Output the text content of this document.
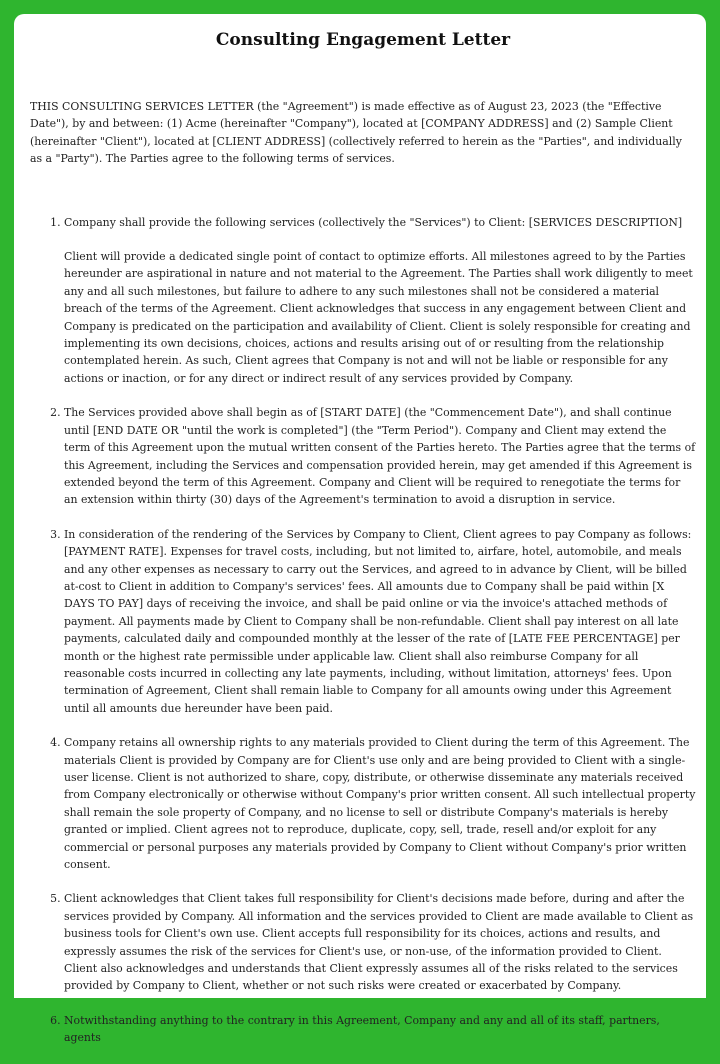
Consulting Engagement Letter

THIS CONSULTING SERVICES LETTER (the "Agreement") is made effective as of August 23, 2023 (the "Effective Date"), by and between: (1) Acme (hereinafter "Company"), located at [COMPANY ADDRESS] and (2) Sample Client (hereinafter "Client"), located at [CLIENT ADDRESS] (collectively referred to herein as the "Parties", and individually as a "Party"). The Parties agree to the following terms of services.

1. Company shall provide the following services (collectively the "Services") to Client: [SERVICES DESCRIPTION]

Client will provide a dedicated single point of contact to optimize efforts. All milestones agreed to by the Parties hereunder are aspirational in nature and not material to the Agreement. The Parties shall work diligently to meet any and all such milestones, but failure to adhere to any such milestones shall not be considered a material breach of the terms of the Agreement. Client acknowledges that success in any engagement between Client and Company is predicated on the participation and availability of Client. Client is solely responsible for creating and implementing its own decisions, choices, actions and results arising out of or resulting from the relationship contemplated herein. As such, Client agrees that Company is not and will not be liable or responsible for any actions or inaction, or for any direct or indirect result of any services provided by Company.

2. The Services provided above shall begin as of [START DATE] (the "Commencement Date"), and shall continue until [END DATE OR "until the work is completed"] (the "Term Period"). Company and Client may extend the term of this Agreement upon the mutual written consent of the Parties hereto. The Parties agree that the terms of this Agreement, including the Services and compensation provided herein, may get amended if this Agreement is extended beyond the term of this Agreement. Company and Client will be required to renegotiate the terms for an extension within thirty (30) days of the Agreement's termination to avoid a disruption in service.

3. In consideration of the rendering of the Services by Company to Client, Client agrees to pay Company as follows: [PAYMENT RATE]. Expenses for travel costs, including, but not limited to, airfare, hotel, automobile, and meals and any other expenses as necessary to carry out the Services, and agreed to in advance by Client, will be billed at-cost to Client in addition to Company's services' fees. All amounts due to Company shall be paid within [X DAYS TO PAY] days of receiving the invoice, and shall be paid online or via the invoice's attached methods of payment. All payments made by Client to Company shall be non-refundable. Client shall pay interest on all late payments, calculated daily and compounded monthly at the lesser of the rate of [LATE FEE PERCENTAGE] per month or the highest rate permissible under applicable law. Client shall also reimburse Company for all reasonable costs incurred in collecting any late payments, including, without limitation, attorneys' fees. Upon termination of Agreement, Client shall remain liable to Company for all amounts owing under this Agreement until all amounts due hereunder have been paid.

4. Company retains all ownership rights to any materials provided to Client during the term of this Agreement. The materials Client is provided by Company are for Client's use only and are being provided to Client with a single-user license. Client is not authorized to share, copy, distribute, or otherwise disseminate any materials received from Company electronically or otherwise without Company's prior written consent. All such intellectual property shall remain the sole property of Company, and no license to sell or distribute Company's materials is hereby granted or implied. Client agrees not to reproduce, duplicate, copy, sell, trade, resell and/or exploit for any commercial or personal purposes any materials provided by Company to Client without Company's prior written consent.

5. Client acknowledges that Client takes full responsibility for Client's decisions made before, during and after the services provided by Company. All information and the services provided to Client are made available to Client as business tools for Client's own use. Client accepts full responsibility for its choices, actions and results, and expressly assumes the risk of the services for Client's use, or non-use, of the information provided to Client. Client also acknowledges and understands that Client expressly assumes all of the risks related to the services provided by Company to Client, whether or not such risks were created or exacerbated by Company.

6. Notwithstanding anything to the contrary in this Agreement, Company and any and all of its staff, partners, agents
